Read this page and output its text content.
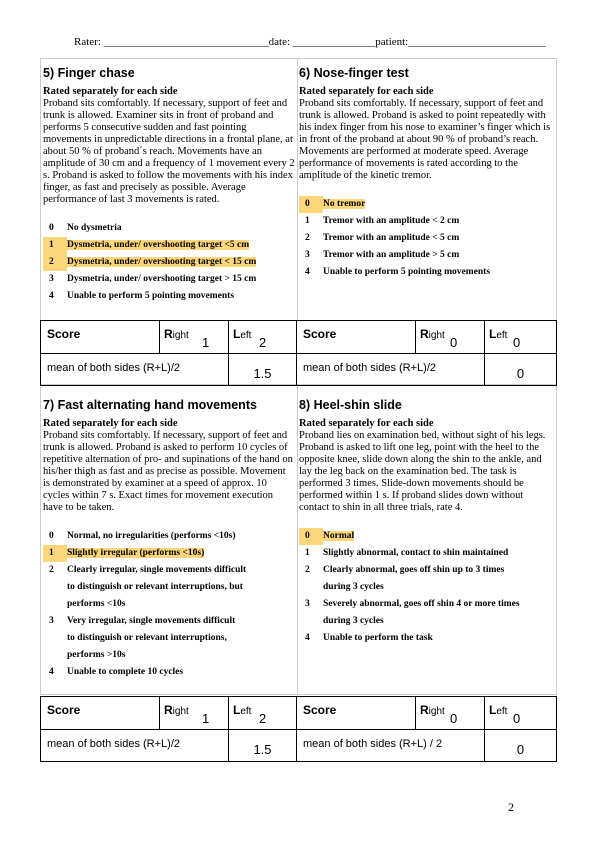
Rater: ______________________________date: _______________patient:_________________________
5) Finger chase
Rated separately for each side
Proband sits comfortably. If necessary, support of feet and trunk is allowed. Examiner sits in front of proband and performs 5 consecutive sudden and fast pointing movements in unpredictable directions in a frontal plane, at about 50 % of proband´s reach. Movements have an amplitude of 30 cm and a frequency of 1 movement every 2 s. Proband is asked to follow the movements with his index finger, as fast and precisely as possible. Average performance of last 3 movements is rated.
0 No dysmetria
1 Dysmetria, under/ overshooting target <5 cm
2 Dysmetria, under/ overshooting target < 15 cm
3 Dysmetria, under/ overshooting target > 15 cm
4 Unable to perform 5 pointing movements
6) Nose-finger test
Rated separately for each side
Proband sits comfortably. If necessary, support of feet and trunk is allowed. Proband is asked to point repeatedly with his index finger from his nose to examiner’s finger which is in front of the proband at about 90 % of proband’s reach. Movements are performed at moderate speed. Average performance of movements is rated according to the amplitude of the kinetic tremor.
0 No tremor
1 Tremor with an amplitude < 2 cm
2 Tremor with an amplitude < 5 cm
3 Tremor with an amplitude > 5 cm
4 Unable to perform 5 pointing movements
7) Fast alternating hand movements
Rated separately for each side
Proband sits comfortably. If necessary, support of feet and trunk is allowed. Proband is asked to perform 10 cycles of repetitive alternation of pro- and supinations of the hand on his/her thigh as fast and as precise as possible. Movement is demonstrated by examiner at a speed of approx. 10 cycles within 7 s. Exact times for movement execution have to be taken.
0 Normal, no irregularities (performs <10s)
1 Slightly irregular (performs <10s)
2 Clearly irregular, single movements difficult
to distinguish or relevant interruptions, but
performs <10s
3 Very irregular, single movements difficult
to distinguish or relevant interruptions,
performs >10s
4 Unable to complete 10 cycles
8) Heel-shin slide
Rated separately for each side
Proband lies on examination bed, without sight of his legs. Proband is asked to lift one leg, point with the heel to the opposite knee, slide down along the shin to the ankle, and lay the leg back on the examination bed. The task is performed 3 times. Slide-down movements should be performed within 1 s. If proband slides down without contact to shin in all three trials, rate 4.
0 Normal
1 Slightly abnormal, contact to shin maintained
2 Clearly abnormal, goes off shin up to 3 times
during 3 cycles
3 Severely abnormal, goes off shin 4 or more times
during 3 cycles
4 Unable to perform the task
Score	Right 1	Left 2

mean of both sides (R+L)/2		1.5
Score	Right 0	Left 0

mean of both sides (R+L)/2		0
Score	Right 1	Left 2

mean of both sides (R+L)/2		1.5
Score	Right 0	Left 0

mean of both sides (R+L) / 2		0
2
